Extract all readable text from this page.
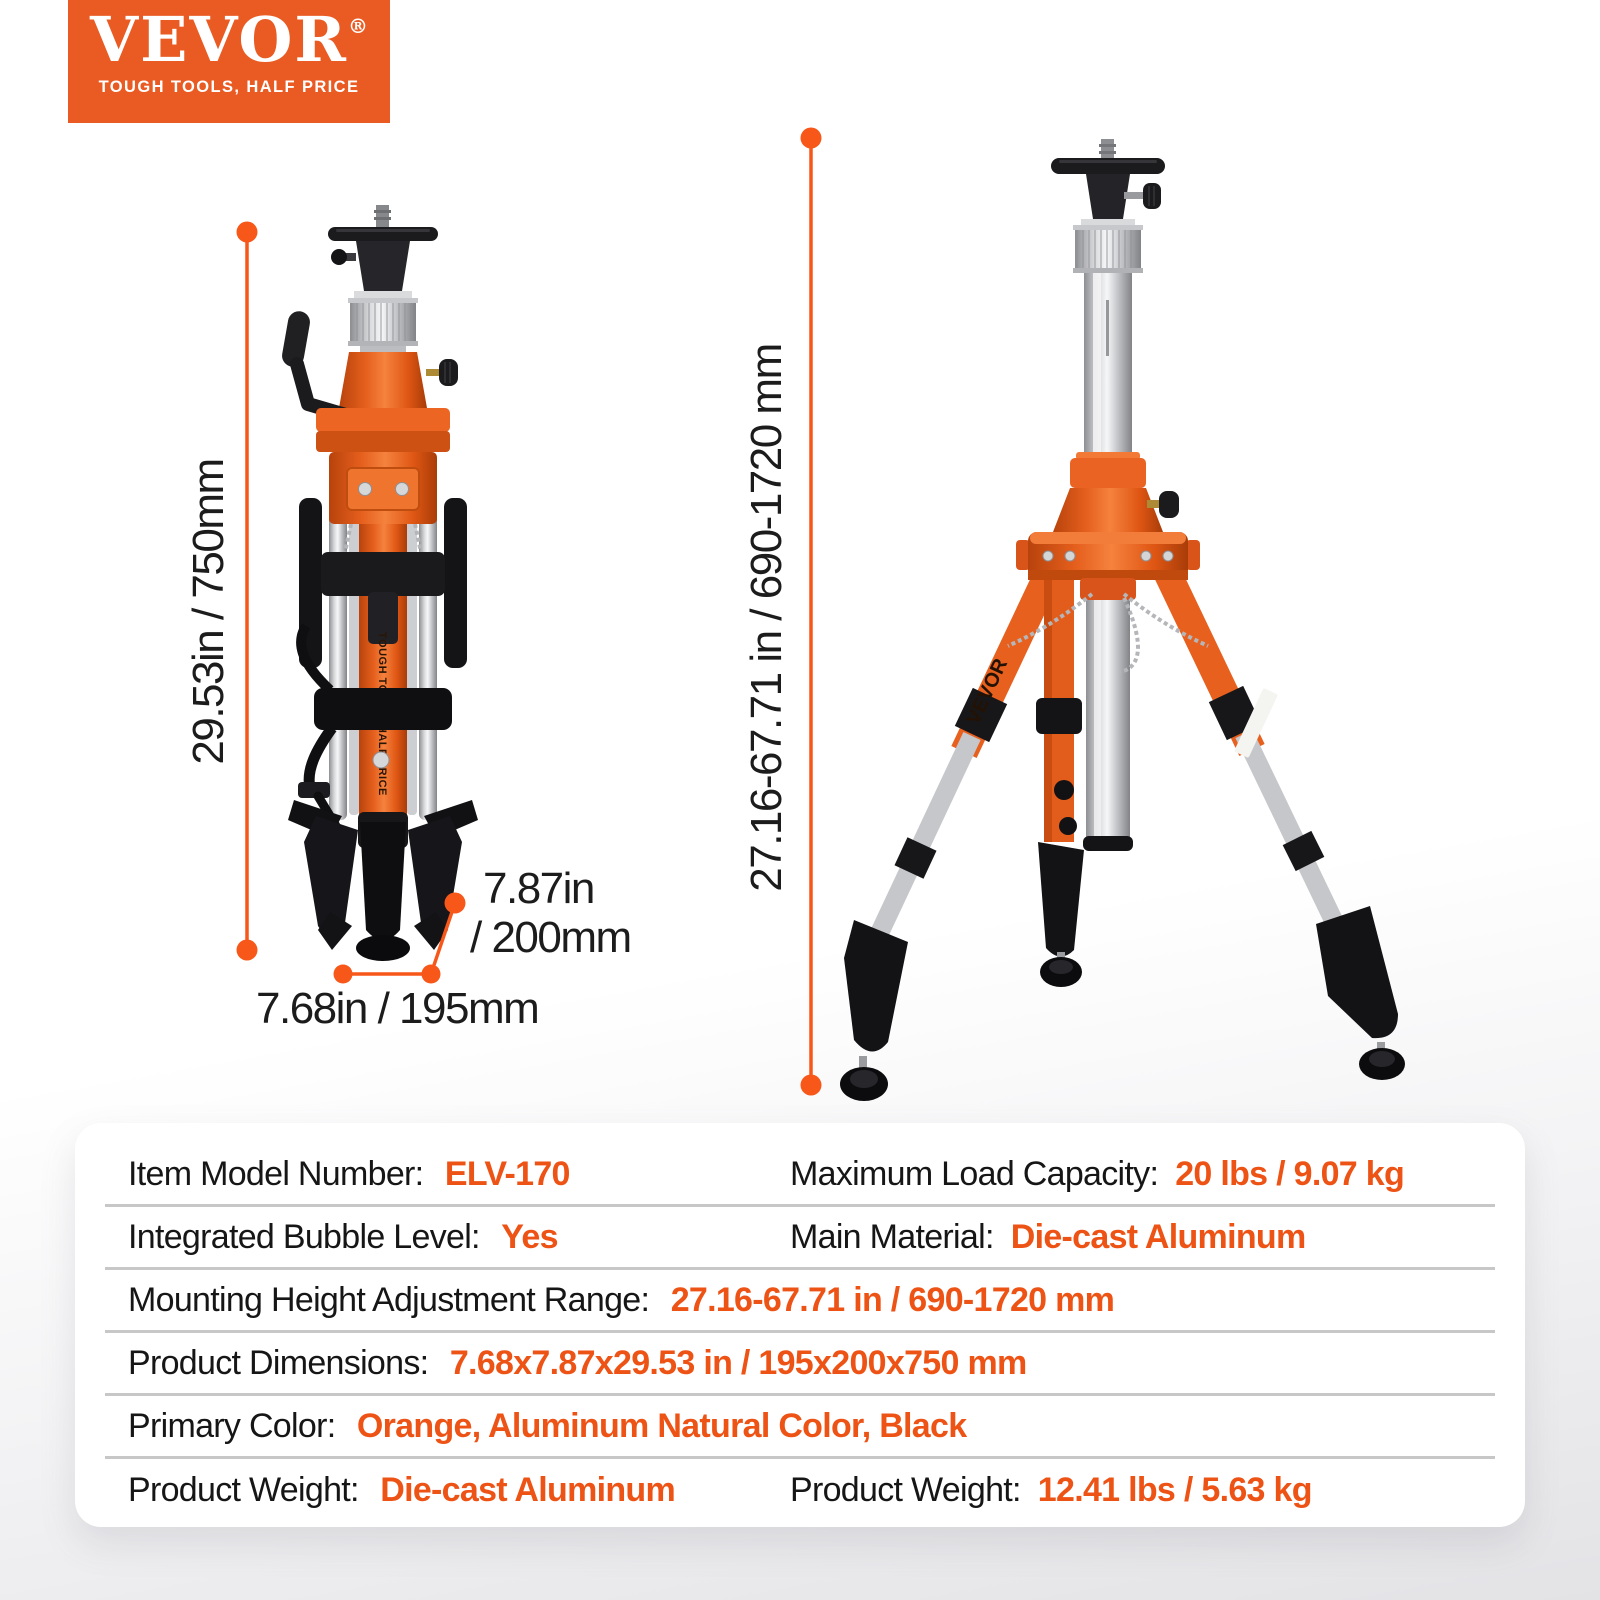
VEVOR®
TOUGH TOOLS, HALF PRICE
VEVOR
29.53in / 750mm	27.16-67.71 in / 690-1720 mm
7.87in
/ 200mm
7.68in / 195mm
Item Model Number: ELV-170	Maximum Load Capacity: 20 lbs / 9.07 kg
Integrated Bubble Level: Yes	Main Material: Die-cast Aluminum
Mounting Height Adjustment Range: 27.16-67.71 in / 690-1720 mm
Product Dimensions: 7.68x7.87x29.53 in / 195x200x750 mm
Primary Color: Orange, Aluminum Natural Color, Black
Product Weight: Die-cast Aluminum	Product Weight: 12.41 lbs / 5.63 kg
